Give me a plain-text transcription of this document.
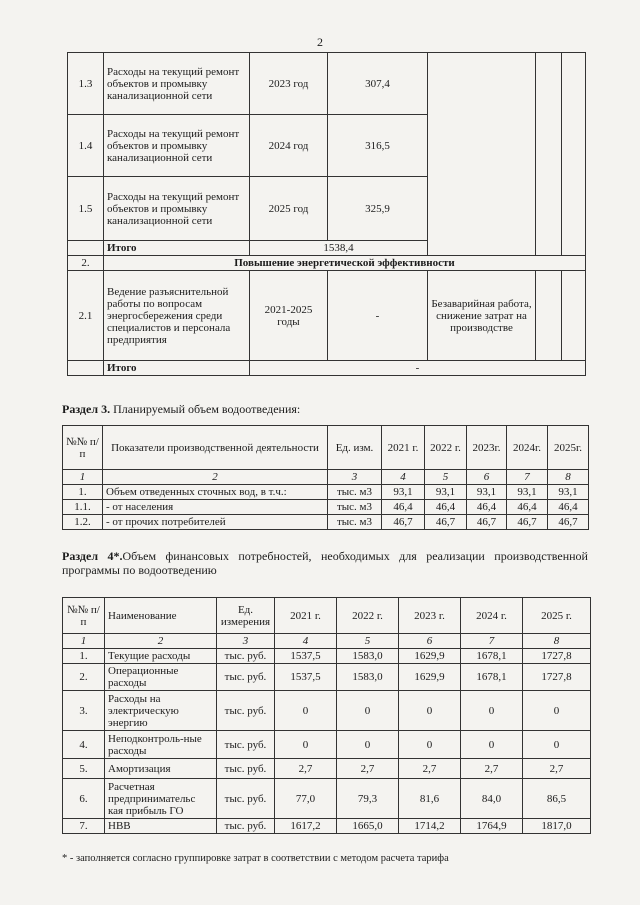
2
1.3	Расходы на текущий ремонт объектов и промывку канализационной сети	2023 год	307,4			
1.4	Расходы на текущий ремонт объектов и промывку канализационной сети	2024 год	316,5			
1.5	Расходы на текущий ремонт объектов и промывку канализационной сети	2025 год	325,9			
	Итого	1538,4				
2.	Повышение энергетической эффективности					
2.1	Ведение разъяснительной работы по вопросам энергосбережения среди специалистов и персонала предприятия	2021-2025 годы	-	Безаварийная работа, снижение затрат на производстве		
	Итого	-				
Раздел 3. Планируемый объем водоотведения:
№№ п/п	Показатели производственной деятельности	Ед. изм.	2021 г.	2022 г.	2023г.	2024г.	2025г.
1	2	3	4	5	6	7	8
1.	Объем отведенных сточных вод, в т.ч.:	тыс. м3	93,1	93,1	93,1	93,1	93,1
1.1.	- от населения	тыс. м3	46,4	46,4	46,4	46,4	46,4
1.2.	- от прочих потребителей	тыс. м3	46,7	46,7	46,7	46,7	46,7
Раздел 4*.Объем финансовых потребностей, необходимых для реализации производственной программы по водоотведению
№№ п/п	Наименование	Ед. измерения	2021 г.	2022 г.	2023 г.	2024 г.	2025 г.
1	2	3	4	5	6	7	8
1.	Текущие расходы	тыс. руб.	1537,5	1583,0	1629,9	1678,1	1727,8
2.	Операционные расходы	тыс. руб.	1537,5	1583,0	1629,9	1678,1	1727,8
3.	Расходы на электрическую энергию	тыс. руб.	0	0	0	0	0
4.	Неподконтроль-ные расходы	тыс. руб.	0	0	0	0	0
5.	Амортизация	тыс. руб.	2,7	2,7	2,7	2,7	2,7
6.	Расчетная предпринимательс кая прибыль ГО	тыс. руб.	77,0	79,3	81,6	84,0	86,5
7.	НВВ	тыс. руб.	1617,2	1665,0	1714,2	1764,9	1817,0
* - заполняется согласно группировке затрат в соответствии с методом расчета тарифа
